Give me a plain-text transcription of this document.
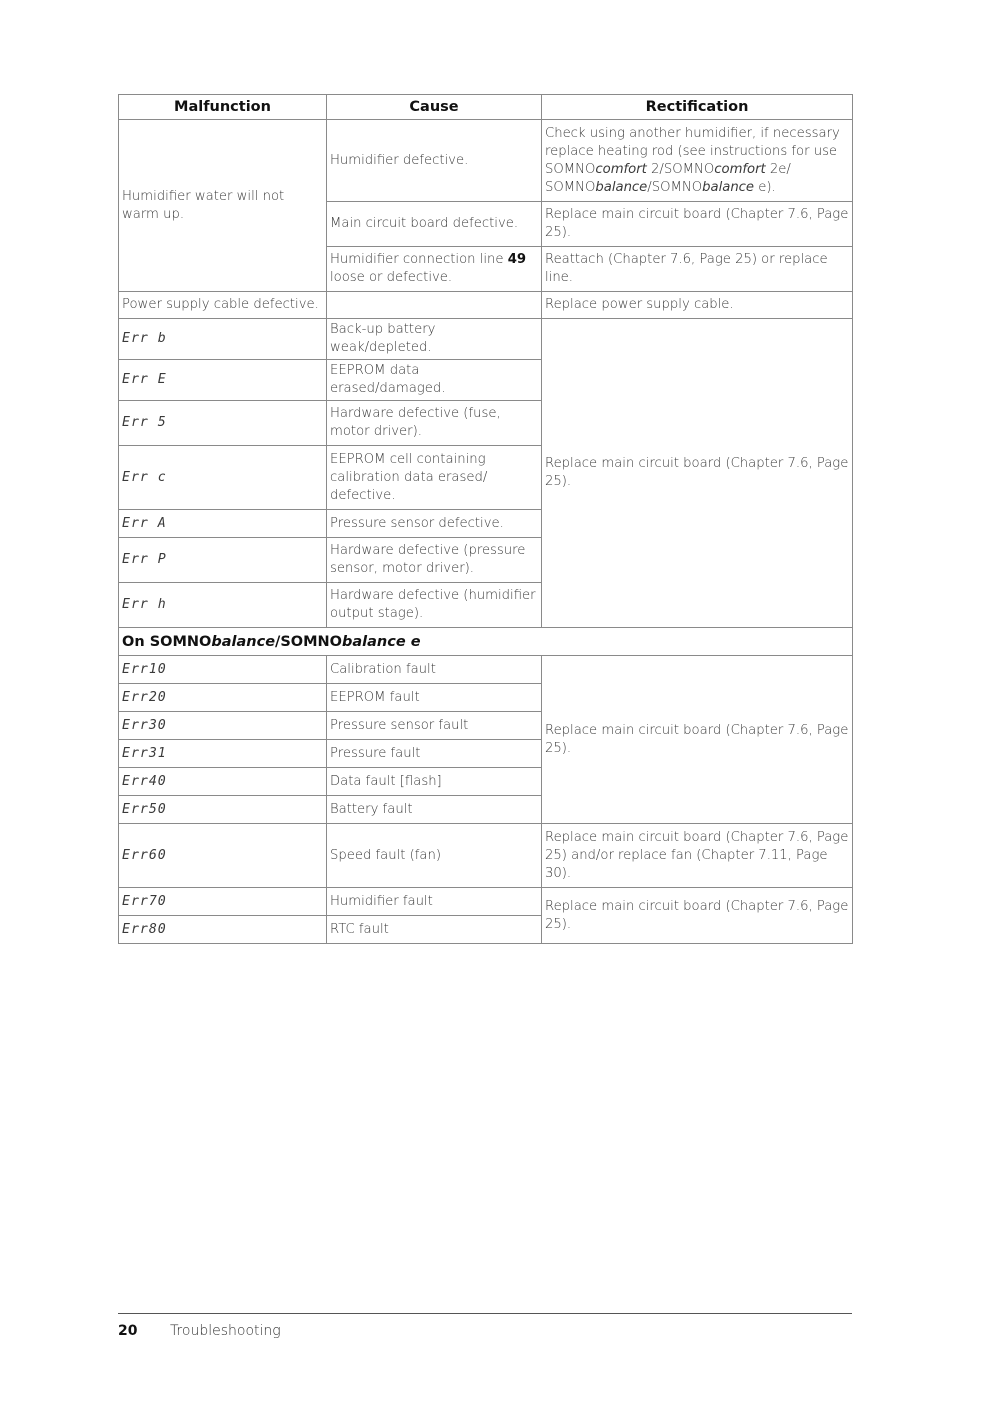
Malfunction	Cause	Rectification
Humidifier water will not warm up.	Humidifier defective.	Check using another humidifier, if necessary replace heating rod (see instructions for use SOMNOcomfort 2/SOMNOcomfort 2e/ SOMNObalance/SOMNObalance e).
	Main circuit board defective.	Replace main circuit board (Chapter 7.6, Page 25).
	Humidifier connection line 49 loose or defective.	Reattach (Chapter 7.6, Page 25) or replace line.
Power supply cable defective.		Replace power supply cable.
Err b	Back-up battery weak/depleted.	Replace main circuit board (Chapter 7.6, Page 25).
Err E	EEPROM data erased/damaged.	
Err 5	Hardware defective (fuse, motor driver).	
Err c	EEPROM cell containing calibration data erased/ defective.	
Err A	Pressure sensor defective.	
Err P	Hardware defective (pressure sensor, motor driver).	
Err h	Hardware defective (humidifier output stage).	
On SOMNObalance/SOMNObalance e		
Err10	Calibration fault	Replace main circuit board (Chapter 7.6, Page 25).
Err20	EEPROM fault	
Err30	Pressure sensor fault	
Err31	Pressure fault	
Err40	Data fault [flash]	
Err50	Battery fault	
Err60	Speed fault (fan)	Replace main circuit board (Chapter 7.6, Page 25) and/or replace fan (Chapter 7.11, Page 30).
Err70	Humidifier fault	Replace main circuit board (Chapter 7.6, Page 25).
Err80	RTC fault	
20 Troubleshooting
